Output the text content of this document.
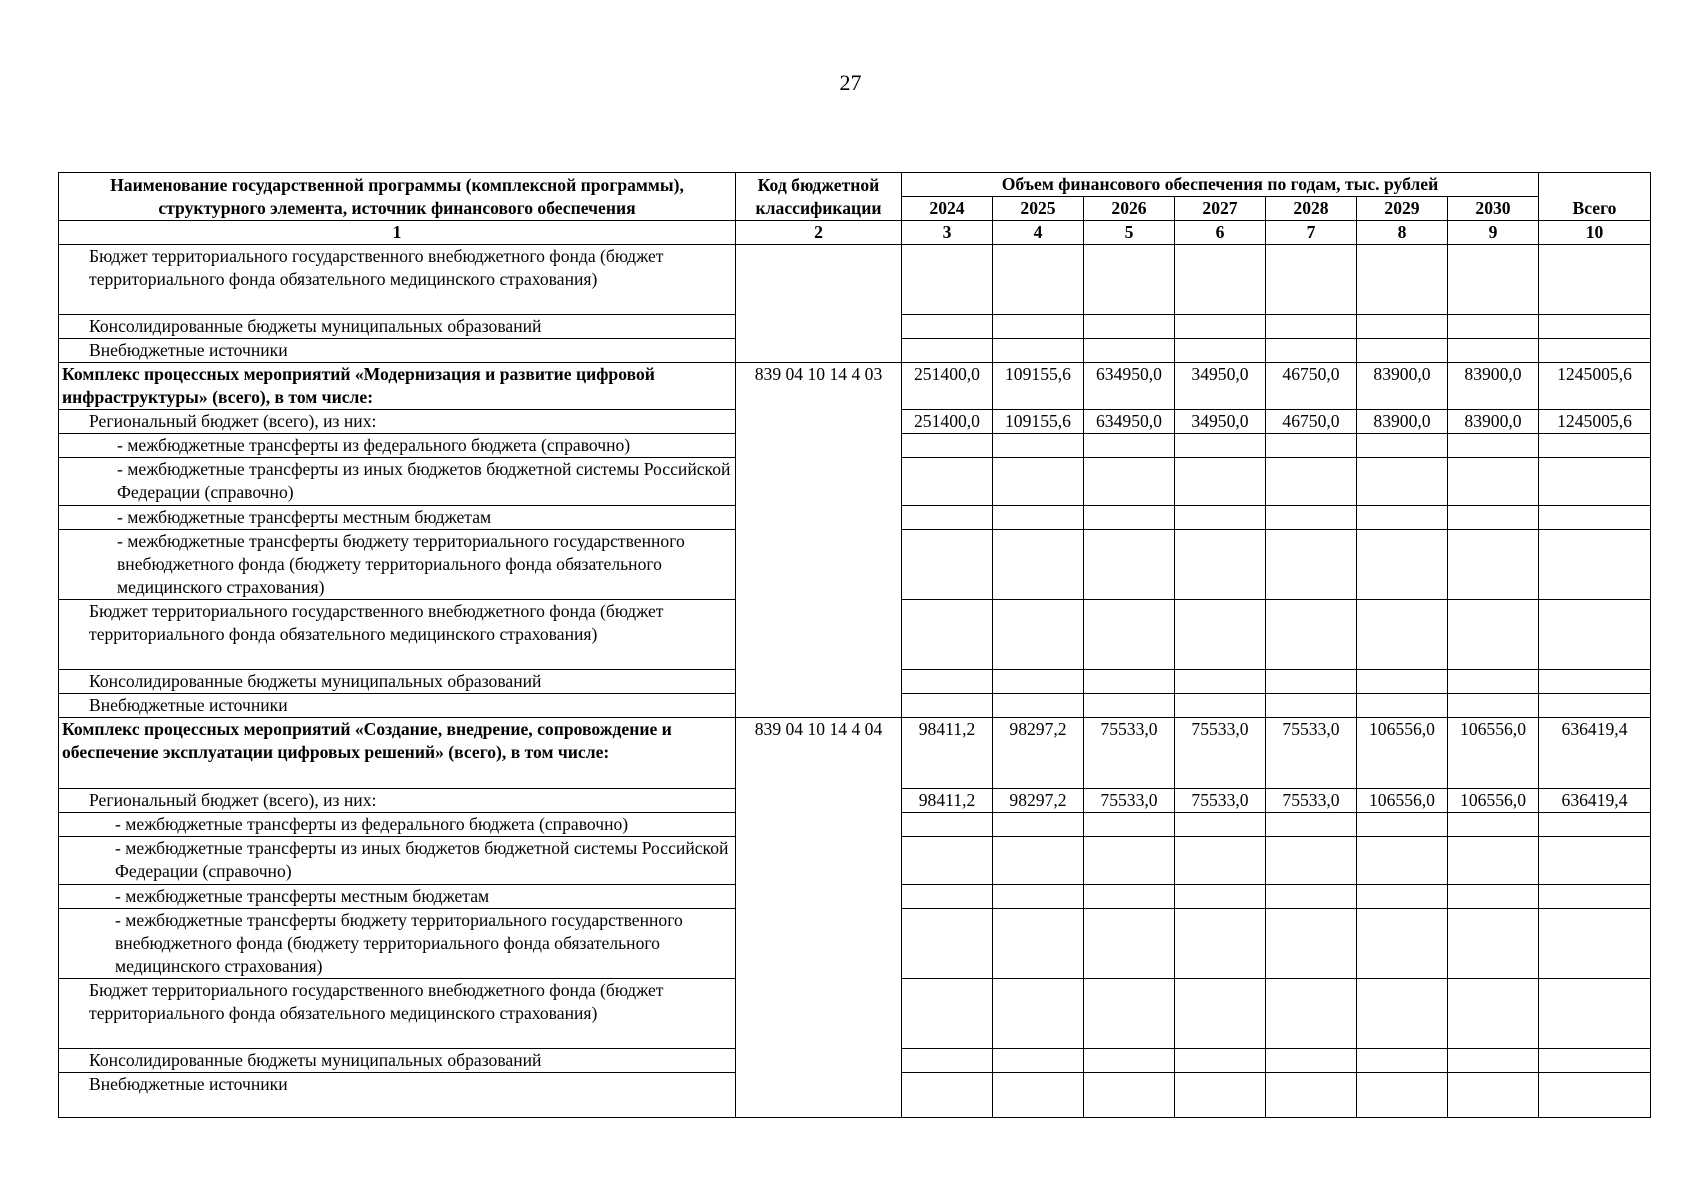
27
Наименование государственной программы (комплексной программы), структурного элемента, источник финансового обеспечения	Код бюджетной классификации	Объем финансового обеспечения по годам, тыс. рублей							Всего
		2024	2025	2026	2027	2028	2029	2030	
1	2	3	4	5	6	7	8	9	10
Бюджет территориального государственного внебюджетного фонда (бюджет территориального фонда обязательного медицинского страхования)									
Консолидированные бюджеты муниципальных образований									
Внебюджетные источники									
Комплекс процессных мероприятий «Модернизация и развитие цифровой инфраструктуры» (всего), в том числе:	839 04 10 14 4 03	251400,0	109155,6	634950,0	34950,0	46750,0	83900,0	83900,0	1245005,6
Региональный бюджет (всего), из них:		251400,0	109155,6	634950,0	34950,0	46750,0	83900,0	83900,0	1245005,6
- межбюджетные трансферты из федерального бюджета (справочно)									
- межбюджетные трансферты из иных бюджетов бюджетной системы Российской Федерации (справочно)									
- межбюджетные трансферты местным бюджетам									
- межбюджетные трансферты бюджету территориального государственного внебюджетного фонда (бюджету территориального фонда обязательного медицинского страхования)									
Бюджет территориального государственного внебюджетного фонда (бюджет территориального фонда обязательного медицинского страхования)									
Консолидированные бюджеты муниципальных образований									
Внебюджетные источники									
Комплекс процессных мероприятий «Создание, внедрение, сопровождение и обеспечение эксплуатации цифровых решений» (всего), в том числе:	839 04 10 14 4 04	98411,2	98297,2	75533,0	75533,0	75533,0	106556,0	106556,0	636419,4
Региональный бюджет (всего), из них:		98411,2	98297,2	75533,0	75533,0	75533,0	106556,0	106556,0	636419,4
- межбюджетные трансферты из федерального бюджета (справочно)									
- межбюджетные трансферты из иных бюджетов бюджетной системы Российской Федерации (справочно)									
- межбюджетные трансферты местным бюджетам									
- межбюджетные трансферты бюджету территориального государственного внебюджетного фонда (бюджету территориального фонда обязательного медицинского страхования)									
Бюджет территориального государственного внебюджетного фонда (бюджет территориального фонда обязательного медицинского страхования)									
Консолидированные бюджеты муниципальных образований									
Внебюджетные источники									
